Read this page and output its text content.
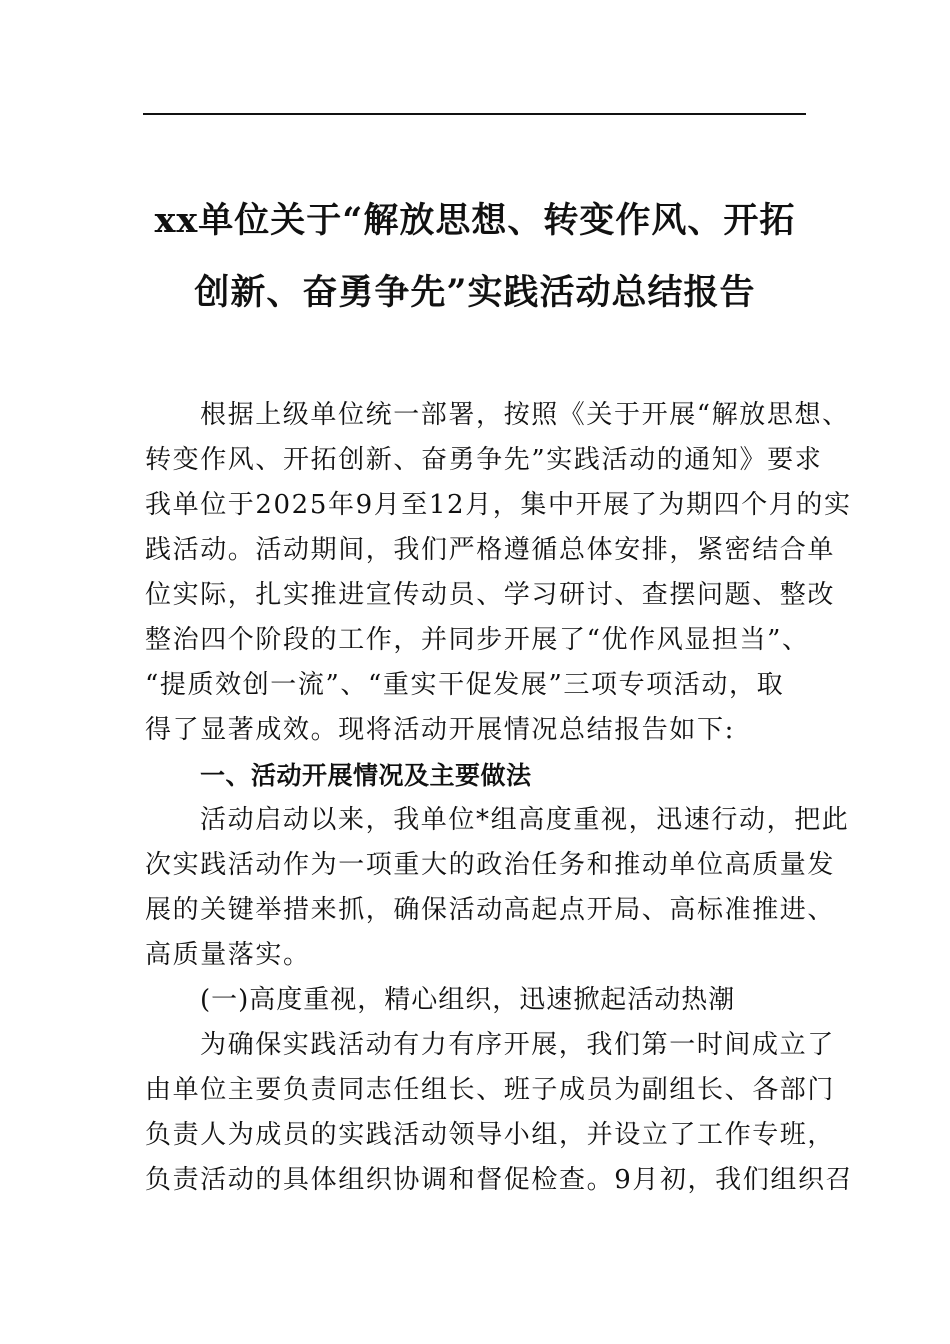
xx单位关于“解放思想、转变作风、开拓
创新、奋勇争先”实践活动总结报告
根据上级单位统一部署，按照《关于开展“解放思想、
转变作风、开拓创新、奋勇争先”实践活动的通知》要求
我单位于2025年9月至12月，集中开展了为期四个月的实
践活动。活动期间，我们严格遵循总体安排，紧密结合单
位实际，扎实推进宣传动员、学习研讨、查摆问题、整改
整治四个阶段的工作，并同步开展了“优作风显担当”、
“提质效创一流”、“重实干促发展”三项专项活动，取
得了显著成效。现将活动开展情况总结报告如下:
一、活动开展情况及主要做法
活动启动以来，我单位*组高度重视，迅速行动，把此
次实践活动作为一项重大的政治任务和推动单位高质量发
展的关键举措来抓，确保活动高起点开局、高标准推进、
高质量落实。
(一)高度重视，精心组织，迅速掀起活动热潮
为确保实践活动有力有序开展，我们第一时间成立了
由单位主要负责同志任组长、班子成员为副组长、各部门
负责人为成员的实践活动领导小组，并设立了工作专班，
负责活动的具体组织协调和督促检查。9月初，我们组织召
